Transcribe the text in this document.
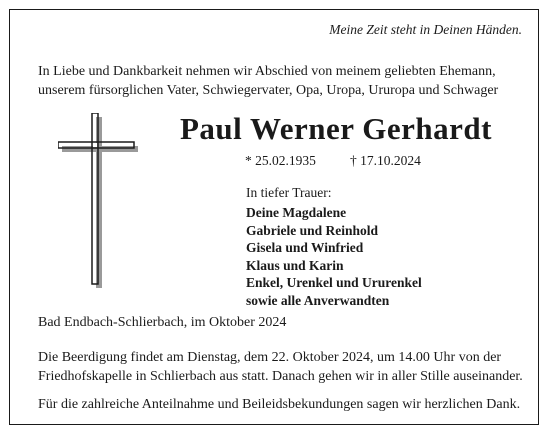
Meine Zeit steht in Deinen Händen.
In Liebe und Dankbarkeit nehmen wir Abschied von meinem geliebten Ehemann,
unserem fürsorglichen Vater, Schwiegervater, Opa, Uropa, Ururopa und Schwager
Paul Werner Gerhardt
* 25.02.1935	† 17.10.2024
In tiefer Trauer:
Deine Magdalene
Gabriele und Reinhold
Gisela und Winfried
Klaus und Karin
Enkel, Urenkel und Ururenkel
sowie alle Anverwandten
Bad Endbach-Schlierbach, im Oktober 2024
Die Beerdigung findet am Dienstag, dem 22. Oktober 2024, um 14.00 Uhr von der
Friedhofskapelle in Schlierbach aus statt. Danach gehen wir in aller Stille auseinander.
Für die zahlreiche Anteilnahme und Beileidsbekundungen sagen wir herzlichen Dank.
